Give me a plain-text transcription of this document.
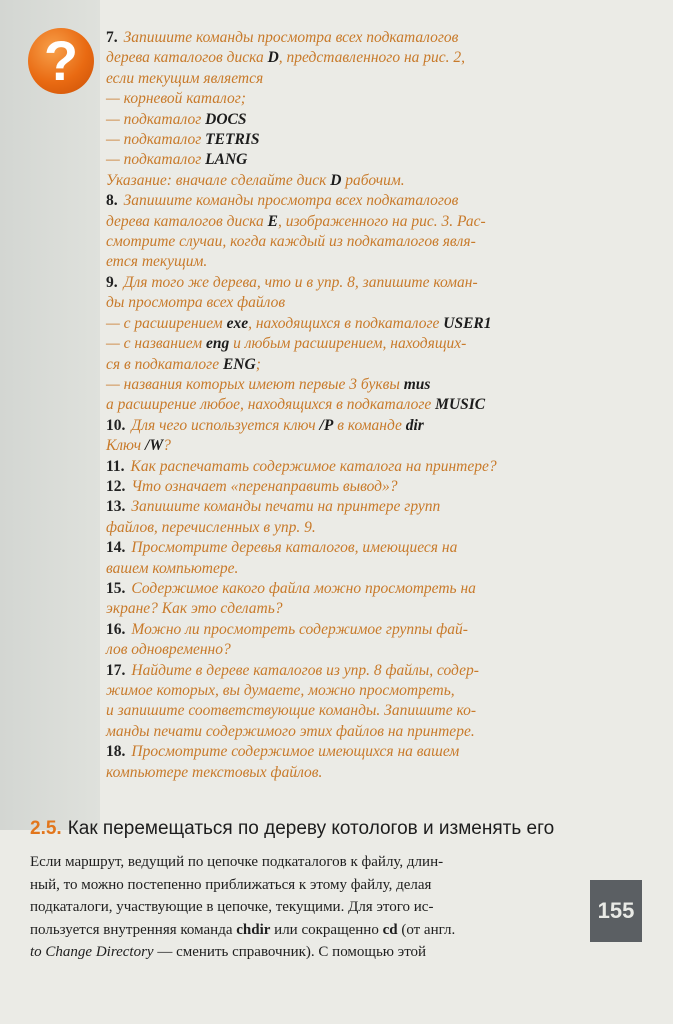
?	7. Запишите команды просмотра всех подкаталогов
дерева каталогов диска D, представленного на рис. 2,
если текущим является
— корневой каталог;
— подкаталог DOCS
— подкаталог TETRIS
— подкаталог LANG
Указание: вначале сделайте диск D рабочим.
8. Запишите команды просмотра всех подкаталогов
дерева каталогов диска E, изображенного на рис. 3. Рас-
смотрите случаи, когда каждый из подкаталогов явля-
ется текущим.
9. Для того же дерева, что и в упр. 8, запишите коман-
ды просмотра всех файлов
— с расширением exe, находящихся в подкаталоге USER1
— с названием eng и любым расширением, находящих-
ся в подкаталоге ENG;
— названия которых имеют первые 3 буквы mus
а расширение любое, находящихся в подкаталоге MUSIC
10. Для чего используется ключ /P в команде dir
Ключ /W?
11. Как распечатать содержимое каталога на принтере?
12. Что означает «перенаправить вывод»?
13. Запишите команды печати на принтере групп
файлов, перечисленных в упр. 9.
14. Просмотрите деревья каталогов, имеющиеся на
вашем компьютере.
15. Содержимое какого файла можно просмотреть на
экране? Как это сделать?
16. Можно ли просмотреть содержимое группы фай-
лов одновременно?
17. Найдите в дереве каталогов из упр. 8 файлы, содер-
жимое которых, вы думаете, можно просмотреть,
и запишите соответствующие команды. Запишите ко-
манды печати содержимого этих файлов на принтере.
18. Просмотрите содержимое имеющихся на вашем
компьютере текстовых файлов.
2.5. Как перемещаться по дереву котологов и изменять его
Если маршрут, ведущий по цепочке подкаталогов к файлу, длин-
ный, то можно постепенно приближаться к этому файлу, делая
подкаталоги, участвующие в цепочке, текущими. Для этого ис-
пользуется внутренняя команда chdir или сокращенно cd (от англ.
to Change Directory — сменить справочник). С помощью этой
155
